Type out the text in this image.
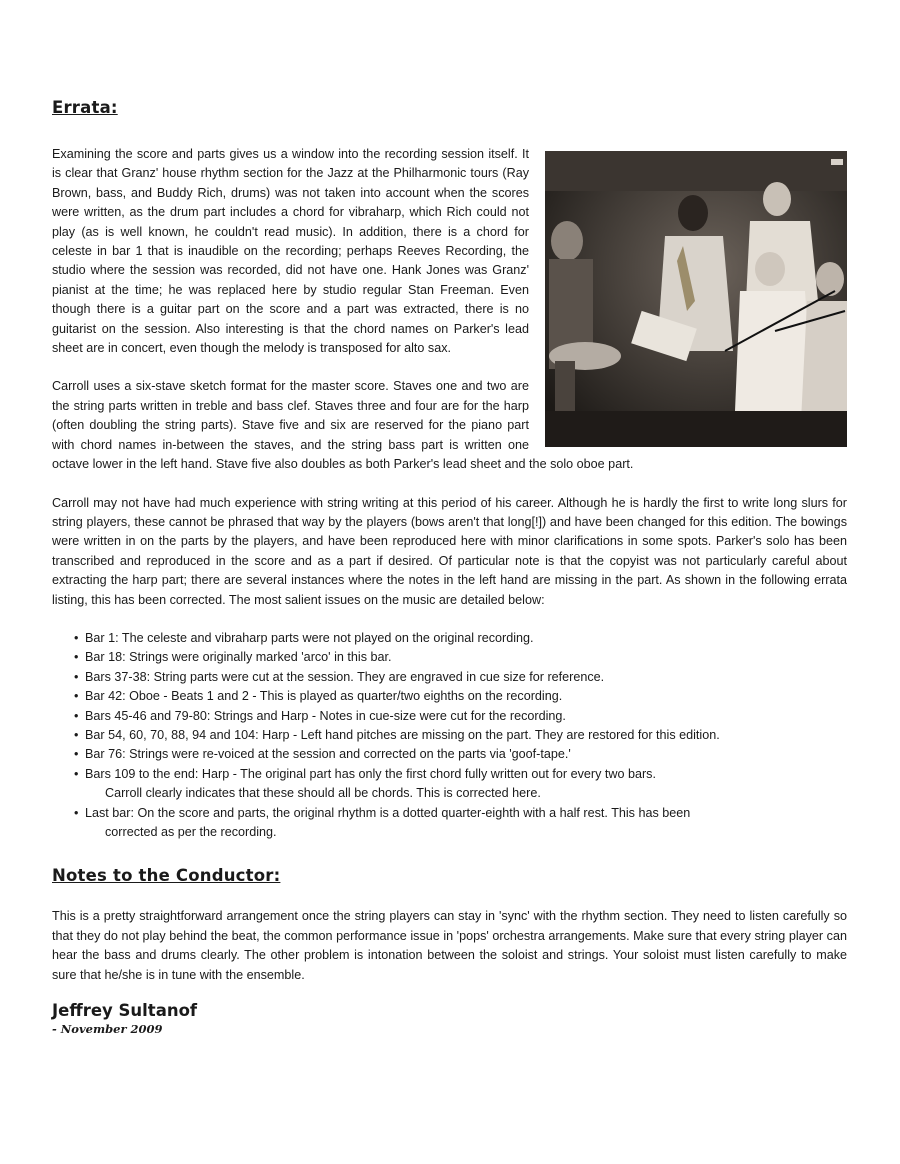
Errata:

Examining the score and parts gives us a window into the recording session itself. It is clear that Granz' house rhythm section for the Jazz at the Philharmonic tours (Ray Brown, bass, and Buddy Rich, drums) was not taken into account when the scores were written, as the drum part includes a chord for vibraharp, which Rich could not play (as is well known, he couldn't read music). In addition, there is a chord for celeste in bar 1 that is inaudible on the recording; perhaps Reeves Recording, the studio where the session was recorded, did not have one. Hank Jones was Granz' pianist at the time; he was replaced here by studio regular Stan Freeman. Even though there is a guitar part on the score and a part was extracted, there is no guitarist on the session. Also interesting is that the chord names on Parker's lead sheet are in concert, even though the melody is transposed for alto sax.

Carroll uses a six-stave sketch format for the master score. Staves one and two are the string parts written in treble and bass clef. Staves three and four are for the harp (often doubling the string parts). Stave five and six are reserved for the piano part with chord names in-between the staves, and the string bass part is written one octave lower in the left hand. Stave five also doubles as both Parker's lead sheet and the solo oboe part.

Carroll may not have had much experience with string writing at this period of his career. Although he is hardly the first to write long slurs for string players, these cannot be phrased that way by the players (bows aren't that long[!]) and have been changed for this edition. The bowings were written in on the parts by the players, and have been reproduced here with minor clarifications in some spots. Parker's solo has been transcribed and reproduced in the score and as a part if desired. Of particular note is that the copyist was not particularly careful about extracting the harp part; there are several instances where the notes in the left hand are missing in the part. As shown in the following errata listing, this has been corrected. The most salient issues on the music are detailed below:

• Bar 1: The celeste and vibraharp parts were not played on the original recording.
• Bar 18: Strings were originally marked 'arco' in this bar.
• Bars 37-38: String parts were cut at the session. They are engraved in cue size for reference.
• Bar 42: Oboe - Beats 1 and 2 - This is played as quarter/two eighths on the recording.
• Bars 45-46 and 79-80: Strings and Harp - Notes in cue-size were cut for the recording.
• Bar 54, 60, 70, 88, 94 and 104: Harp - Left hand pitches are missing on the part. They are restored for this edition.
• Bar 76: Strings were re-voiced at the session and corrected on the parts via 'goof-tape.'
• Bars 109 to the end: Harp - The original part has only the first chord fully written out for every two bars.
Carroll clearly indicates that these should all be chords. This is corrected here.
• Last bar: On the score and parts, the original rhythm is a dotted quarter-eighth with a half rest. This has been
corrected as per the recording.
Notes to the Conductor:

This is a pretty straightforward arrangement once the string players can stay in 'sync' with the rhythm section. They need to listen carefully so that they do not play behind the beat, the common performance issue in 'pops' orchestra arrangements. Make sure that every string player can hear the bass and drums clearly. The other problem is intonation between the soloist and strings. Your soloist must listen carefully to make sure that he/she is in tune with the ensemble.

Jeffrey Sultanof

- November 2009
